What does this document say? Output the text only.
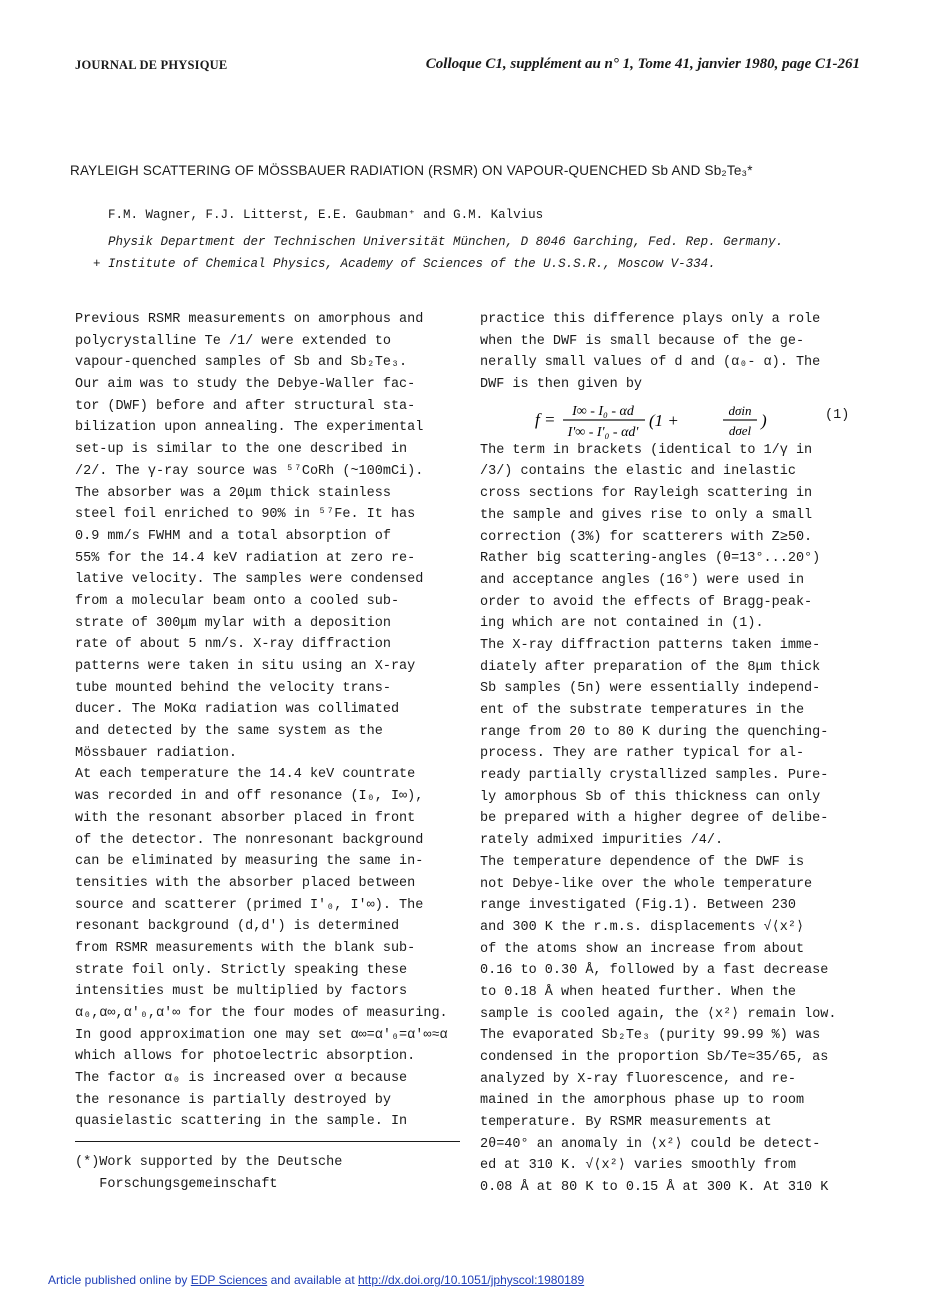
JOURNAL DE PHYSIQUE	Colloque C1, supplément au n° 1, Tome 41, janvier 1980, page C1-261
RAYLEIGH SCATTERING OF MÖSSBAUER RADIATION (RSMR) ON VAPOUR-QUENCHED Sb AND Sb₂Te₃*
F.M. Wagner, F.J. Litterst, E.E. Gaubman⁺ and G.M. Kalvius
Physik Department der Technischen Universität München, D 8046 Garching, Fed. Rep. Germany.
+ Institute of Chemical Physics, Academy of Sciences of the U.S.S.R., Moscow V-334.
Previous RSMR measurements on amorphous and
polycrystalline Te /1/ were extended to
vapour-quenched samples of Sb and Sb₂Te₃.
Our aim was to study the Debye-Waller fac-
tor (DWF) before and after structural sta-
bilization upon annealing. The experimental
set-up is similar to the one described in
/2/. The γ-ray source was ⁵⁷CoRh (~100mCi).
The absorber was a 20μm thick stainless
steel foil enriched to 90% in ⁵⁷Fe. It has
0.9 mm/s FWHM and a total absorption of
55% for the 14.4 keV radiation at zero re-
lative velocity. The samples were condensed
from a molecular beam onto a cooled sub-
strate of 300μm mylar with a deposition
rate of about 5 nm/s. X-ray diffraction
patterns were taken in situ using an X-ray
tube mounted behind the velocity trans-
ducer. The MoKα radiation was collimated
and detected by the same system as the
Mössbauer radiation.
At each temperature the 14.4 keV countrate
was recorded in and off resonance (I₀, I∞),
with the resonant absorber placed in front
of the detector. The nonresonant background
can be eliminated by measuring the same in-
tensities with the absorber placed between
source and scatterer (primed I'₀, I'∞). The
resonant background (d,d') is determined
from RSMR measurements with the blank sub-
strate foil only. Strictly speaking these
intensities must be multiplied by factors
α₀,α∞,α'₀,α'∞ for the four modes of measuring.
In good approximation one may set α∞=α'₀=α'∞≈α
which allows for photoelectric absorption.
The factor α₀ is increased over α because
the resonance is partially destroyed by
quasielastic scattering in the sample. In
practice this difference plays only a role
when the DWF is small because of the ge-
nerally small values of d and (α₀- α). The
DWF is then given by
The term in brackets (identical to 1/γ in
/3/) contains the elastic and inelastic
cross sections for Rayleigh scattering in
the sample and gives rise to only a small
correction (3%) for scatterers with Z≥50.
Rather big scattering-angles (θ=13°...20°)
and acceptance angles (16°) were used in
order to avoid the effects of Bragg-peak-
ing which are not contained in (1).
The X-ray diffraction patterns taken imme-
diately after preparation of the 8μm thick
Sb samples (5n) were essentially independ-
ent of the substrate temperatures in the
range from 20 to 80 K during the quenching-
process. They are rather typical for al-
ready partially crystallized samples. Pure-
ly amorphous Sb of this thickness can only
be prepared with a higher degree of delibe-
rately admixed impurities /4/.
The temperature dependence of the DWF is
not Debye-like over the whole temperature
range investigated (Fig.1). Between 230
and 300 K the r.m.s. displacements √⟨x²⟩
of the atoms show an increase from about
0.16 to 0.30 Å, followed by a fast decrease
to 0.18 Å when heated further. When the
sample is cooled again, the ⟨x²⟩ remain low.
The evaporated Sb₂Te₃ (purity 99.99 %) was
condensed in the proportion Sb/Te≈35/65, as
analyzed by X-ray fluorescence, and re-
mained in the amorphous phase up to room
temperature. By RSMR measurements at
2θ=40° an anomaly in ⟨x²⟩ could be detect-
ed at 310 K. √⟨x²⟩ varies smoothly from
0.08 Å at 80 K to 0.15 Å at 300 K. At 310 K
f = I∞ - I₀ - αd
I'∞ - I'₀ - αd'
(1 +
dσin
dσel
)	(1)
(*)Work supported by the Deutsche
Forschungsgemeinschaft
Article published online by EDP Sciences and available at http://dx.doi.org/10.1051/jphyscol:1980189
